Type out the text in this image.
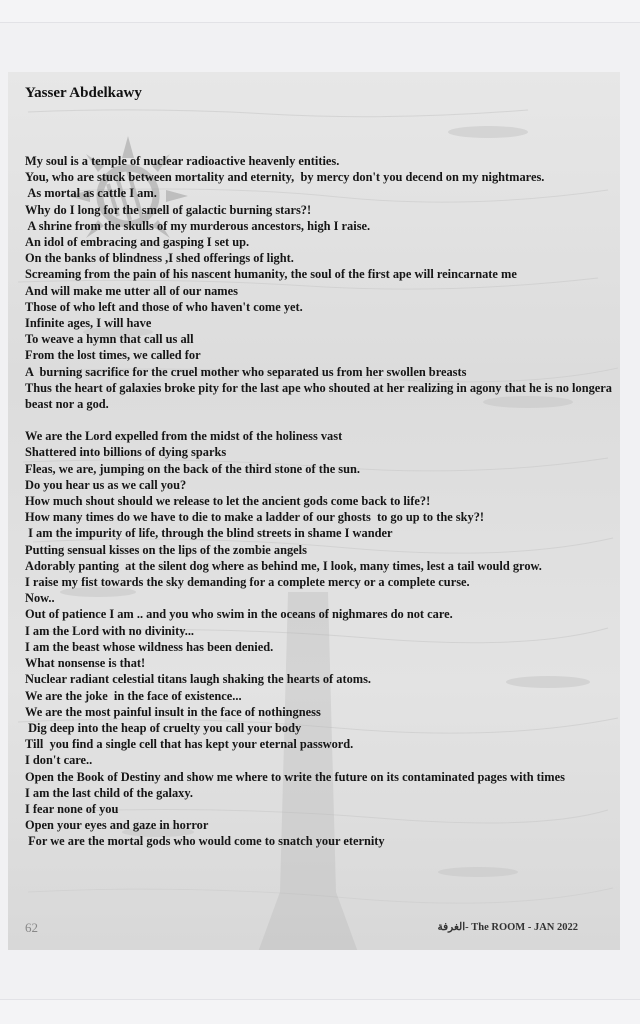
Yasser Abdelkawy
My soul is a temple of nuclear radioactive heavenly entities.
You, who are stuck between mortality and eternity,  by mercy don't you decend on my nightmares.
As mortal as cattle I am.
Why do I long for the smell of galactic burning stars?!
A shrine from the skulls of my murderous ancestors, high I raise.
An idol of embracing and gasping I set up.
On the banks of blindness ,I shed offerings of light.
Screaming from the pain of his nascent humanity, the soul of the first ape will reincarnate me
And will make me utter all of our names
Those of who left and those of who haven't come yet.
Infinite ages, I will have
To weave a hymn that call us all
From the lost times, we called for
A  burning sacrifice for the cruel mother who separated us from her swollen breasts
Thus the heart of galaxies broke pity for the last ape who shouted at her realizing in agony that he is no longera beast nor a god.
We are the Lord expelled from the midst of the holiness vast
Shattered into billions of dying sparks
Fleas, we are, jumping on the back of the third stone of the sun.
Do you hear us as we call you?
How much shout should we release to let the ancient gods come back to life?!
How many times do we have to die to make a ladder of our ghosts  to go up to the sky?!
I am the impurity of life, through the blind streets in shame I wander
Putting sensual kisses on the lips of the zombie angels
Adorably panting  at the silent dog where as behind me, I look, many times, lest a tail would grow.
I raise my fist towards the sky demanding for a complete mercy or a complete curse.
Now..
Out of patience I am .. and you who swim in the oceans of nighmares do not care.
I am the Lord with no divinity...
I am the beast whose wildness has been denied.
What nonsense is that!
Nuclear radiant celestial titans laugh shaking the hearts of atoms.
We are the joke  in the face of existence...
We are the most painful insult in the face of nothingness
Dig deep into the heap of cruelty you call your body
Till  you find a single cell that has kept your eternal password.
I don't care..
Open the Book of Destiny and show me where to write the future on its contaminated pages with times
I am the last child of the galaxy.
I fear none of you
Open your eyes and gaze in horror
For we are the mortal gods who would come to snatch your eternity
62	الغرفة- The ROOM - JAN 2022
